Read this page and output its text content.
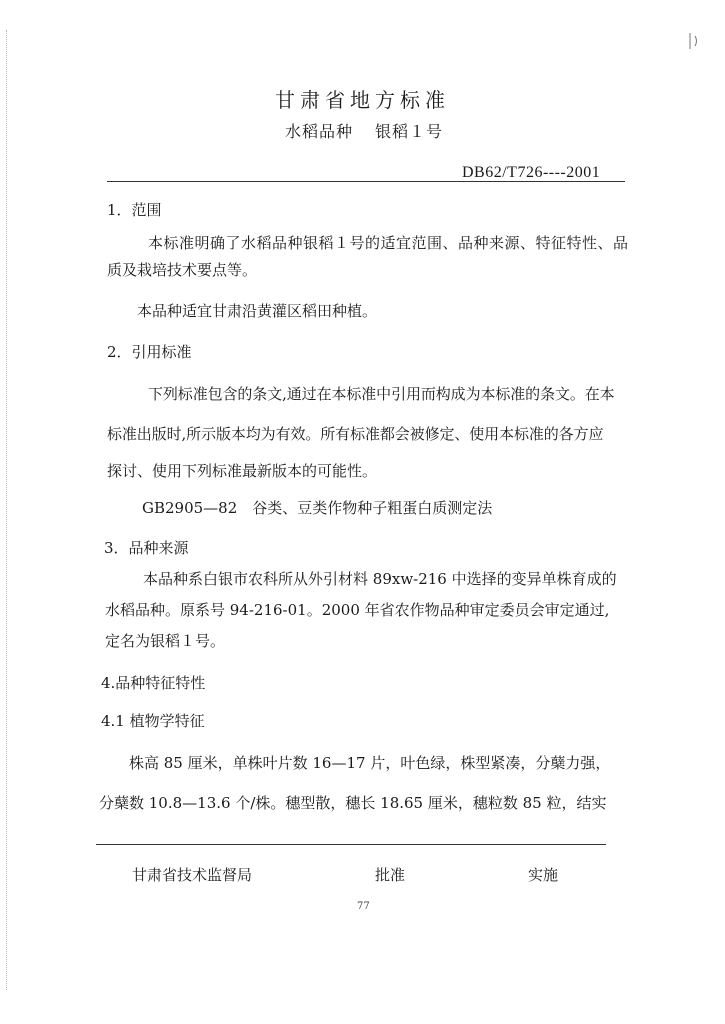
甘肃省地方标准
水稻品种 银稻１号
DB62/T726----2001
1．范围
本标准明确了水稻品种银稻１号的适宜范围、品种来源、特征特性、品
质及栽培技术要点等。
本品种适宜甘肃沿黄灌区稻田种植。
2．引用标准
下列标准包含的条文,通过在本标准中引用而构成为本标准的条文。在本
标准出版时,所示版本均为有效。所有标准都会被修定、使用本标准的各方应
探讨、使用下列标准最新版本的可能性。
GB2905—82　谷类、豆类作物种子粗蛋白质测定法
3．品种来源
本品种系白银市农科所从外引材料 89xw-216 中选择的变异单株育成的
水稻品种。原系号 94-216-01。2000 年省农作物品种审定委员会审定通过,
定名为银稻１号。
4.品种特征特性
4.1 植物学特征
株高 85 厘米，单株叶片数 16—17 片，叶色绿，株型紧凑，分蘖力强，
分蘖数 10.8—13.6 个/株。穗型散，穗长 18.65 厘米，穗粒数 85 粒，结实
甘肃省技术监督局	批准	实施
77
